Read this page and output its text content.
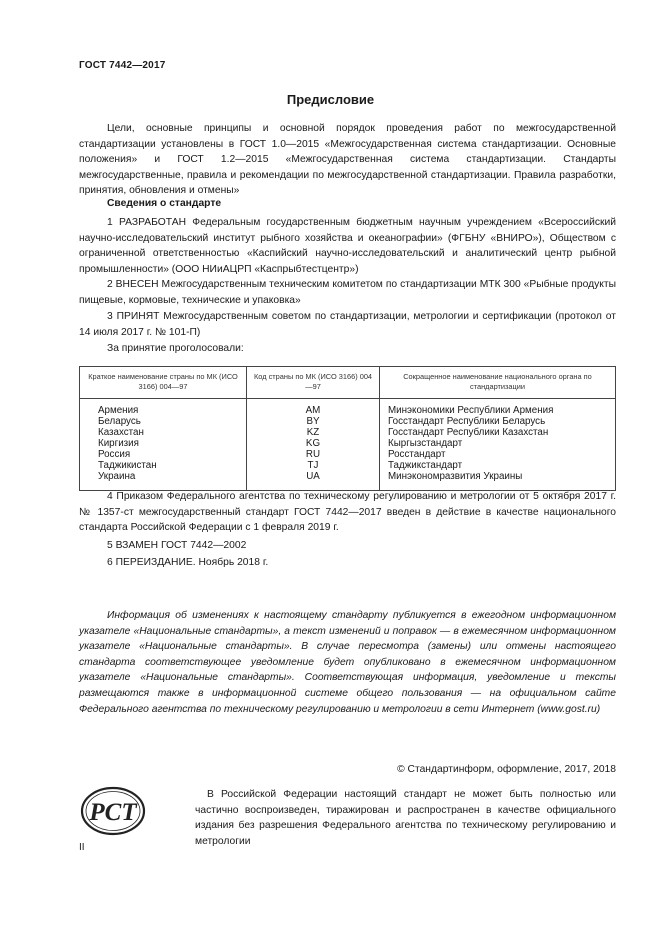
ГОСТ 7442—2017
Предисловие
Цели, основные принципы и основной порядок проведения работ по межгосударственной стандартизации установлены в ГОСТ 1.0—2015 «Межгосударственная система стандартизации. Основные положения» и ГОСТ 1.2—2015 «Межгосударственная система стандартизации. Стандарты межгосударственные, правила и рекомендации по межгосударственной стандартизации. Правила разработки, принятия, обновления и отмены»
Сведения о стандарте
1 РАЗРАБОТАН Федеральным государственным бюджетным научным учреждением «Всероссийский научно-исследовательский институт рыбного хозяйства и океанографии» (ФГБНУ «ВНИРО»), Обществом с ограниченной ответственностью «Каспийский научно-исследовательский и аналитический центр рыбной промышленности» (ООО НИиАЦРП «Каспрыбтестцентр»)
2 ВНЕСЕН Межгосударственным техническим комитетом по стандартизации МТК 300 «Рыбные продукты пищевые, кормовые, технические и упаковка»
3 ПРИНЯТ Межгосударственным советом по стандартизации, метрологии и сертификации (протокол от 14 июля 2017 г. № 101-П)
За принятие проголосовали:
Краткое наименование страны по МК (ИСО 3166) 004—97	Код страны по МК (ИСО 3166) 004—97	Сокращенное наименование национального органа по стандартизации
Армения	AM	Минэкономики Республики Армения
Беларусь	BY	Госстандарт Республики Беларусь
Казахстан	KZ	Госстандарт Республики Казахстан
Киргизия	KG	Кыргызстандарт
Россия	RU	Росстандарт
Таджикистан	TJ	Таджикстандарт
Украина	UA	Минэкономразвития Украины
4 Приказом Федерального агентства по техническому регулированию и метрологии от 5 октября 2017 г. № 1357-ст межгосударственный стандарт ГОСТ 7442—2017 введен в действие в качестве национального стандарта Российской Федерации с 1 февраля 2019 г.
5 ВЗАМЕН ГОСТ 7442—2002
6 ПЕРЕИЗДАНИЕ. Ноябрь 2018 г.
Информация об изменениях к настоящему стандарту публикуется в ежегодном информационном указателе «Национальные стандарты», а текст изменений и поправок — в ежемесячном информационном указателе «Национальные стандарты». В случае пересмотра (замены) или отмены настоящего стандарта соответствующее уведомление будет опубликовано в ежемесячном информационном указателе «Национальные стандарты». Соответствующая информация, уведомление и тексты размещаются также в информационной системе общего пользования — на официальном сайте Федерального агентства по техническому регулированию и метрологии в сети Интернет (www.gost.ru)
© Стандартинформ, оформление, 2017, 2018
РСТ
В Российской Федерации настоящий стандарт не может быть полностью или частично воспроизведен, тиражирован и распространен в качестве официального издания без разрешения Федерального агентства по техническому регулированию и метрологии
II
